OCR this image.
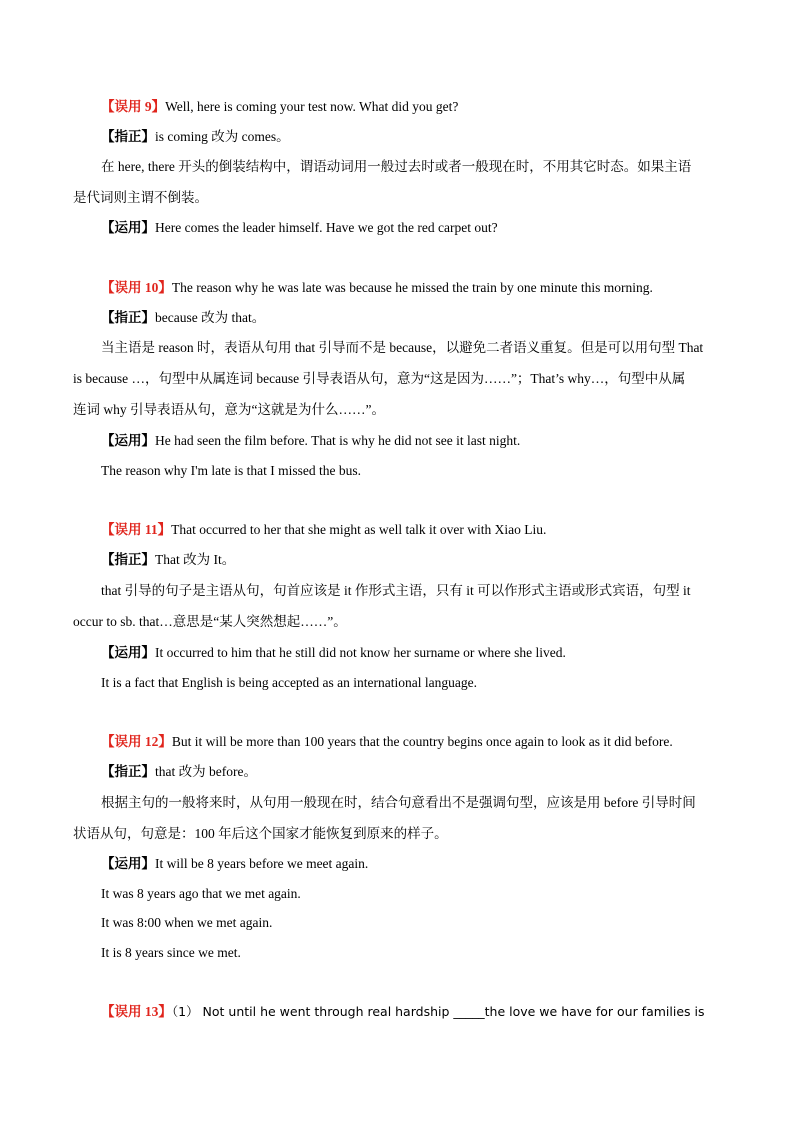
【误用 9】Well, here is coming your test now. What did you get?
【指正】is coming 改为 comes。
在 here, there 开头的倒装结构中，谓语动词用一般过去时或者一般现在时，不用其它时态。如果主语
是代词则主谓不倒装。
【运用】Here comes the leader himself. Have we got the red carpet out?
【误用 10】The reason why he was late was because he missed the train by one minute this morning.
【指正】because 改为 that。
当主语是 reason 时，表语从句用 that 引导而不是 because，以避免二者语义重复。但是可以用句型 That
is because …，句型中从属连词 because 引导表语从句，意为“这是因为……”；That’s why…，句型中从属
连词 why 引导表语从句，意为“这就是为什么……”。
【运用】He had seen the film before. That is why he did not see it last night.
The reason why I'm late is that I missed the bus.
【误用 11】That occurred to her that she might as well talk it over with Xiao Liu.
【指正】That 改为 It。
that 引导的句子是主语从句，句首应该是 it 作形式主语，只有 it 可以作形式主语或形式宾语，句型 it
occur to sb. that…意思是“某人突然想起……”。
【运用】It occurred to him that he still did not know her surname or where she lived.
It is a fact that English is being accepted as an international language.
【误用 12】But it will be more than 100 years that the country begins once again to look as it did before.
【指正】that 改为 before。
根据主句的一般将来时，从句用一般现在时，结合句意看出不是强调句型，应该是用 before 引导时间
状语从句，句意是：100 年后这个国家才能恢复到原来的样子。
【运用】It will be 8 years before we meet again.
It was 8 years ago that we met again.
It was 8:00 when we met again.
It is 8 years since we met.
【误用 13】（1） Not until he went through real hardship _____the love we have for our families is
